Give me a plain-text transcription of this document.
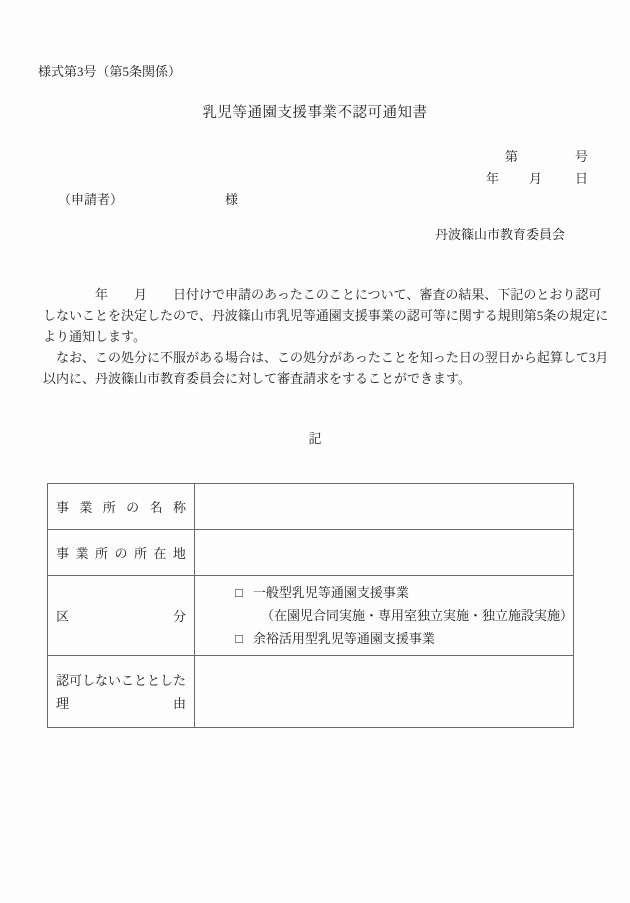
様式第3号（第5条関係）
乳児等通園支援事業不認可通知書
第	号
年 月	日
（申請者）	様
丹波篠山市教育委員会
　　　　年　　月　　日付けで申請のあったこのことについて、審査の結果、下記のとおり認可
しないことを決定したので、丹波篠山市乳児等通園支援事業の認可等に関する規則第5条の規定に
より通知します。
　なお、この処分に不服がある場合は、この処分があったことを知った日の翌日から起算して3月
以内に、丹波篠山市教育委員会に対して審査請求をすることができます。
記
事 業 所 の 名 称

事 業 所 の 所 在 地

区	分

□ 一般型乳児等通園支援事業
（在園児合同実施・専用室独立実施・独立施設実施）
□ 余裕活用型乳児等通園支援事業

認可しないこととした
理 由	
